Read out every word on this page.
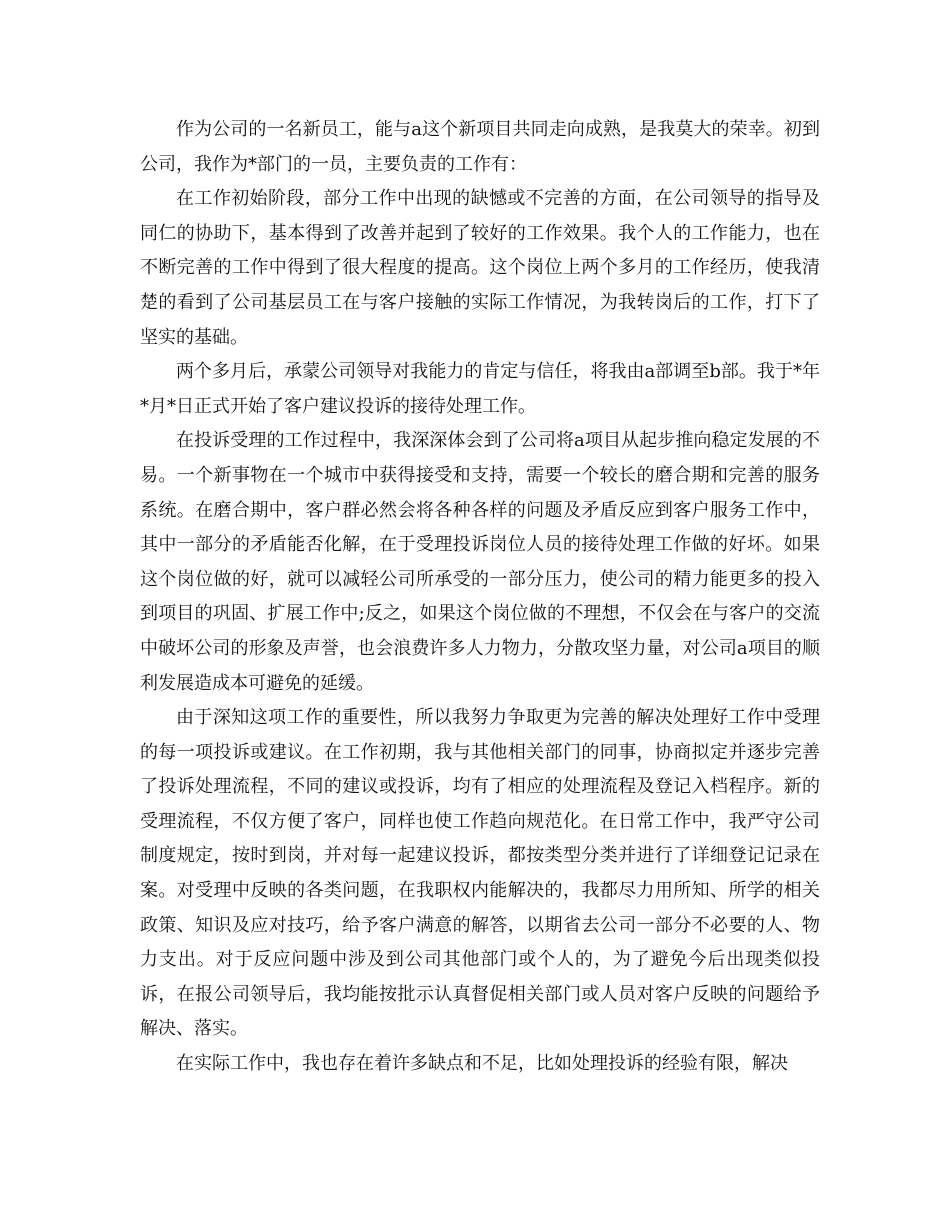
作为公司的一名新员工，能与a这个新项目共同走向成熟，是我莫大的荣幸。初到公司，我作为*部门的一员，主要负责的工作有：

在工作初始阶段，部分工作中出现的缺憾或不完善的方面，在公司领导的指导及同仁的协助下，基本得到了改善并起到了较好的工作效果。我个人的工作能力，也在不断完善的工作中得到了很大程度的提高。这个岗位上两个多月的工作经历，使我清楚的看到了公司基层员工在与客户接触的实际工作情况，为我转岗后的工作，打下了坚实的基础。

两个多月后，承蒙公司领导对我能力的肯定与信任，将我由a部调至b部。我于*年*月*日正式开始了客户建议投诉的接待处理工作。

在投诉受理的工作过程中，我深深体会到了公司将a项目从起步推向稳定发展的不易。一个新事物在一个城市中获得接受和支持，需要一个较长的磨合期和完善的服务系统。在磨合期中，客户群必然会将各种各样的问题及矛盾反应到客户服务工作中，其中一部分的矛盾能否化解，在于受理投诉岗位人员的接待处理工作做的好坏。如果这个岗位做的好，就可以减轻公司所承受的一部分压力，使公司的精力能更多的投入到项目的巩固、扩展工作中;反之，如果这个岗位做的不理想，不仅会在与客户的交流中破坏公司的形象及声誉，也会浪费许多人力物力，分散攻坚力量，对公司a项目的顺利发展造成本可避免的延缓。

由于深知这项工作的重要性，所以我努力争取更为完善的解决处理好工作中受理的每一项投诉或建议。在工作初期，我与其他相关部门的同事，协商拟定并逐步完善了投诉处理流程，不同的建议或投诉，均有了相应的处理流程及登记入档程序。新的受理流程，不仅方便了客户，同样也使工作趋向规范化。在日常工作中，我严守公司制度规定，按时到岗，并对每一起建议投诉，都按类型分类并进行了详细登记记录在案。对受理中反映的各类问题，在我职权内能解决的，我都尽力用所知、所学的相关政策、知识及应对技巧，给予客户满意的解答，以期省去公司一部分不必要的人、物力支出。对于反应问题中涉及到公司其他部门或个人的，为了避免今后出现类似投诉，在报公司领导后，我均能按批示认真督促相关部门或人员对客户反映的问题给予解决、落实。

在实际工作中，我也存在着许多缺点和不足，比如处理投诉的经验有限，解决
